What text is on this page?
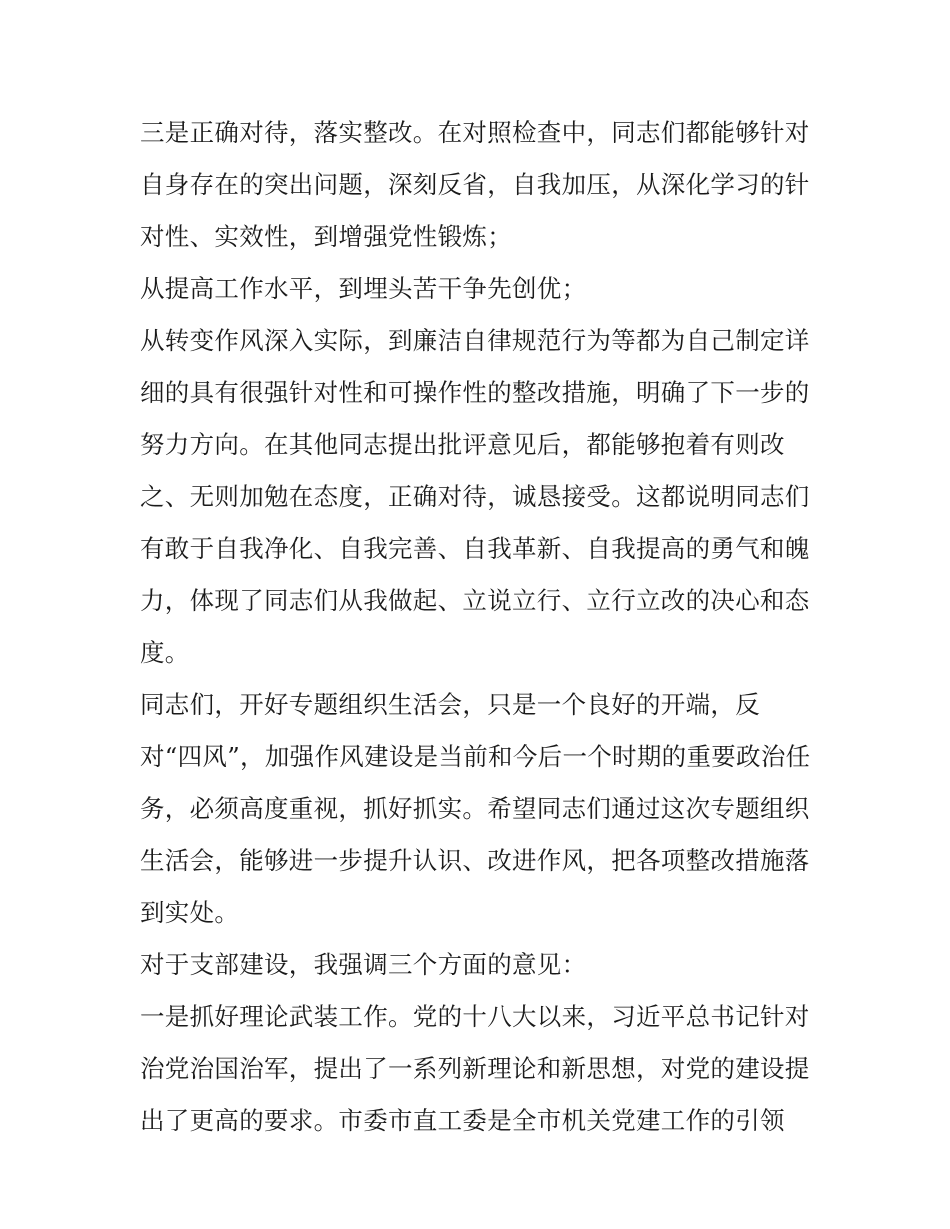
三是正确对待，落实整改。在对照检查中，同志们都能够针对
自身存在的突出问题，深刻反省，自我加压，从深化学习的针
对性、实效性，到增强党性锻炼；
从提高工作水平，到埋头苦干争先创优；
从转变作风深入实际，到廉洁自律规范行为等都为自己制定详
细的具有很强针对性和可操作性的整改措施，明确了下一步的
努力方向。在其他同志提出批评意见后，都能够抱着有则改
之、无则加勉在态度，正确对待，诚恳接受。这都说明同志们
有敢于自我净化、自我完善、自我革新、自我提高的勇气和魄
力，体现了同志们从我做起、立说立行、立行立改的决心和态
度。
同志们，开好专题组织生活会，只是一个良好的开端，反
对“四风”，加强作风建设是当前和今后一个时期的重要政治任
务，必须高度重视，抓好抓实。希望同志们通过这次专题组织
生活会，能够进一步提升认识、改进作风，把各项整改措施落
到实处。
对于支部建设，我强调三个方面的意见：
一是抓好理论武装工作。党的十八大以来，习近平总书记针对
治党治国治军，提出了一系列新理论和新思想，对党的建设提
出了更高的要求。市委市直工委是全市机关党建工作的引领
